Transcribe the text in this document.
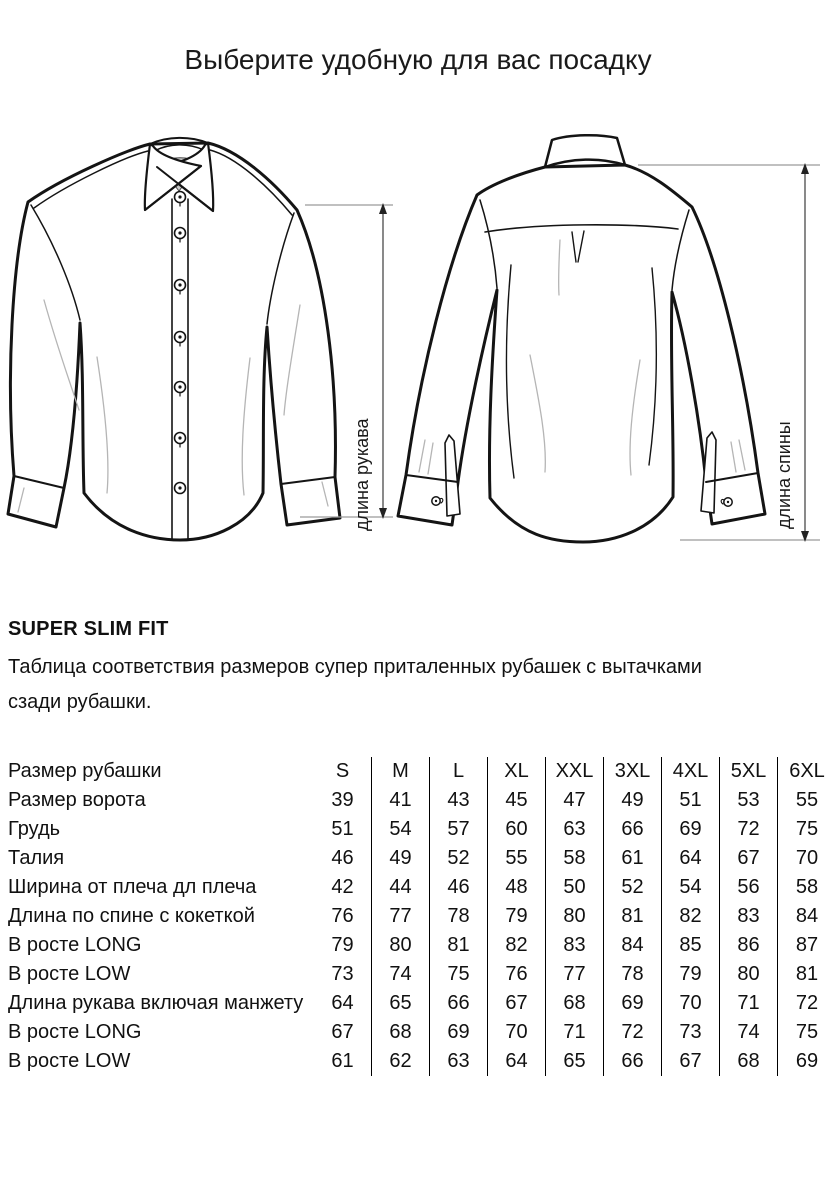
Выберите удобную для вас посадку
длина рукава	длина спины
SUPER SLIM FIT

Таблица соответствия размеров супер приталенных рубашек с вытачками
сзади рубашки.

Размер рубашки	S	M	L	XL	XXL	3XL	4XL	5XL	6XL
Размер ворота	39	41	43	45	47	49	51	53	55
Грудь	51	54	57	60	63	66	69	72	75
Талия	46	49	52	55	58	61	64	67	70
Ширина от плеча дл плеча	42	44	46	48	50	52	54	56	58
Длина по спине с кокеткой	76	77	78	79	80	81	82	83	84
В росте LONG	79	80	81	82	83	84	85	86	87
В росте LOW	73	74	75	76	77	78	79	80	81
Длина рукава включая манжету	64	65	66	67	68	69	70	71	72
В росте LONG	67	68	69	70	71	72	73	74	75
В росте LOW	61	62	63	64	65	66	67	68	69
